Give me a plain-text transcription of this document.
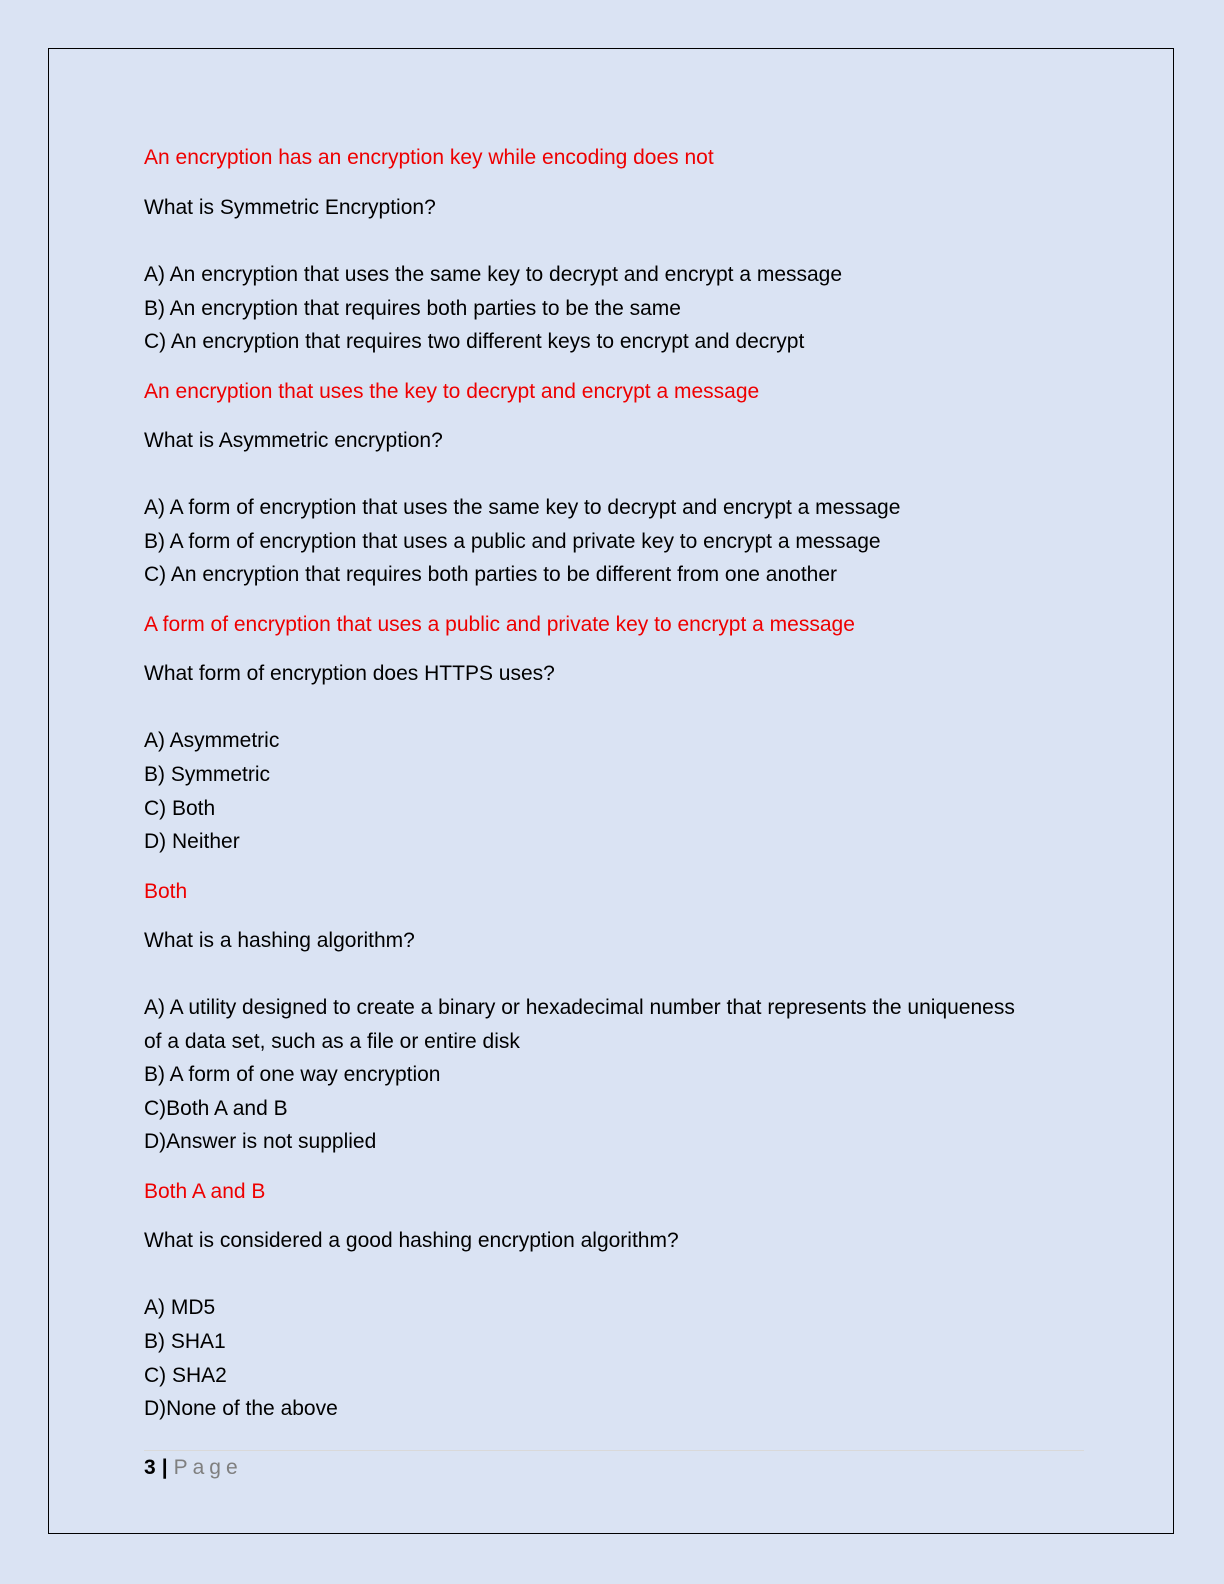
An encryption has an encryption key while encoding does not
What is Symmetric Encryption?
A) An encryption that uses the same key to decrypt and encrypt a message
B) An encryption that requires both parties to be the same
C) An encryption that requires two different keys to encrypt and decrypt
An encryption that uses the key to decrypt and encrypt a message
What is Asymmetric encryption?
A) A form of encryption that uses the same key to decrypt and encrypt a message
B) A form of encryption that uses a public and private key to encrypt a message
C) An encryption that requires both parties to be different from one another
A form of encryption that uses a public and private key to encrypt a message
What form of encryption does HTTPS uses?
A) Asymmetric
B) Symmetric
C) Both
D) Neither
Both
What is a hashing algorithm?
A) A utility designed to create a binary or hexadecimal number that represents the uniqueness
of a data set, such as a file or entire disk
B) A form of one way encryption
C)Both A and B
D)Answer is not supplied
Both A and B
What is considered a good hashing encryption algorithm?
A) MD5
B) SHA1
C) SHA2
D)None of the above
3 | Page
